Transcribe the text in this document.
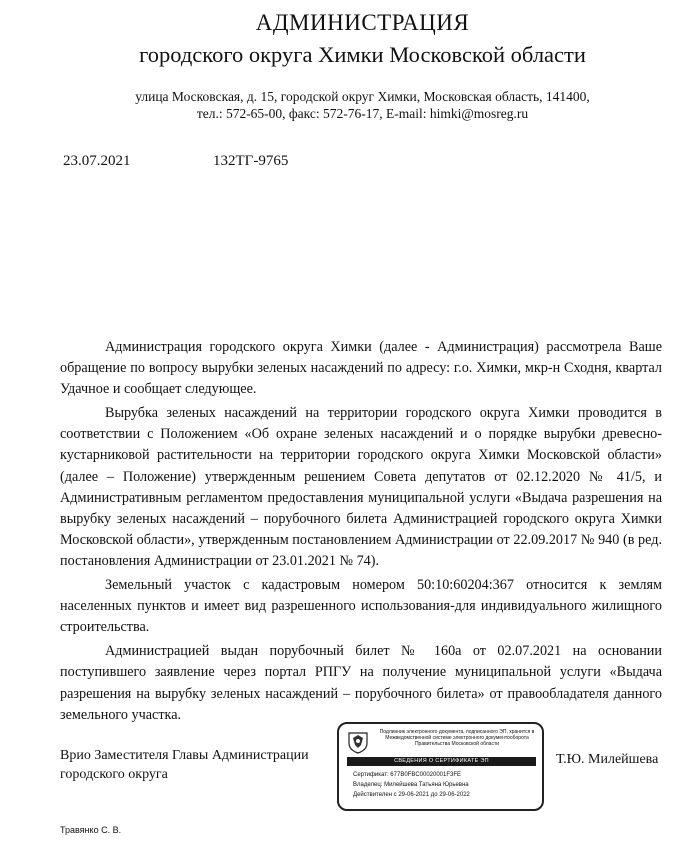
АДМИНИСТРАЦИЯ
городского округа Химки Московской области
улица Московская, д. 15, городской округ Химки, Московская область, 141400,
тел.: 572-65-00, факс: 572-76-17, E-mail: himki@mosreg.ru
23.07.2021	132ТГ-9765

Администрация городского округа Химки (далее - Администрация) рассмотрела Ваше обращение по вопросу вырубки зеленых насаждений по адресу: г.о. Химки, мкр-н Сходня, квартал Удачное и сообщает следующее.

Вырубка зеленых насаждений на территории городского округа Химки проводится в соответствии с Положением «Об охране зеленых насаждений и о порядке вырубки древесно-кустарниковой растительности на территории городского округа Химки Московской области» (далее – Положение) утвержденным решением Совета депутатов от 02.12.2020 № 41/5, и Административным регламентом предоставления муниципальной услуги «Выдача разрешения на вырубку зеленых насаждений – порубочного билета Администрацией городского округа Химки Московской области», утвержденным постановлением Администрации от 22.09.2017 № 940 (в ред. постановления Администрации от 23.01.2021 № 74).

Земельный участок с кадастровым номером 50:10:60204:367 относится к землям населенных пунктов и имеет вид разрешенного использования-для индивидуального жилищного строительства.

Администрацией выдан порубочный билет № 160а от 02.07.2021 на основании поступившего заявление через портал РПГУ на получение муниципальной услуги «Выдача разрешения на вырубку зеленых насаждений – порубочного билета» от правообладателя данного земельного участка.

Врио Заместителя Главы Администрации
городского округа
Подлинник электронного документа, подписанного ЭП, хранится в Межведомственной системе электронного документооборота Правительства Московской области
СВЕДЕНИЯ О СЕРТИФИКАТЕ ЭП
Сертификат: 677B0FBC00020001F3FE
Владелец: Милейшева Татьяна Юрьевна
Действителен с 29-06-2021 до 29-06-2022
Т.Ю. Милейшева
Травянко С. В.
